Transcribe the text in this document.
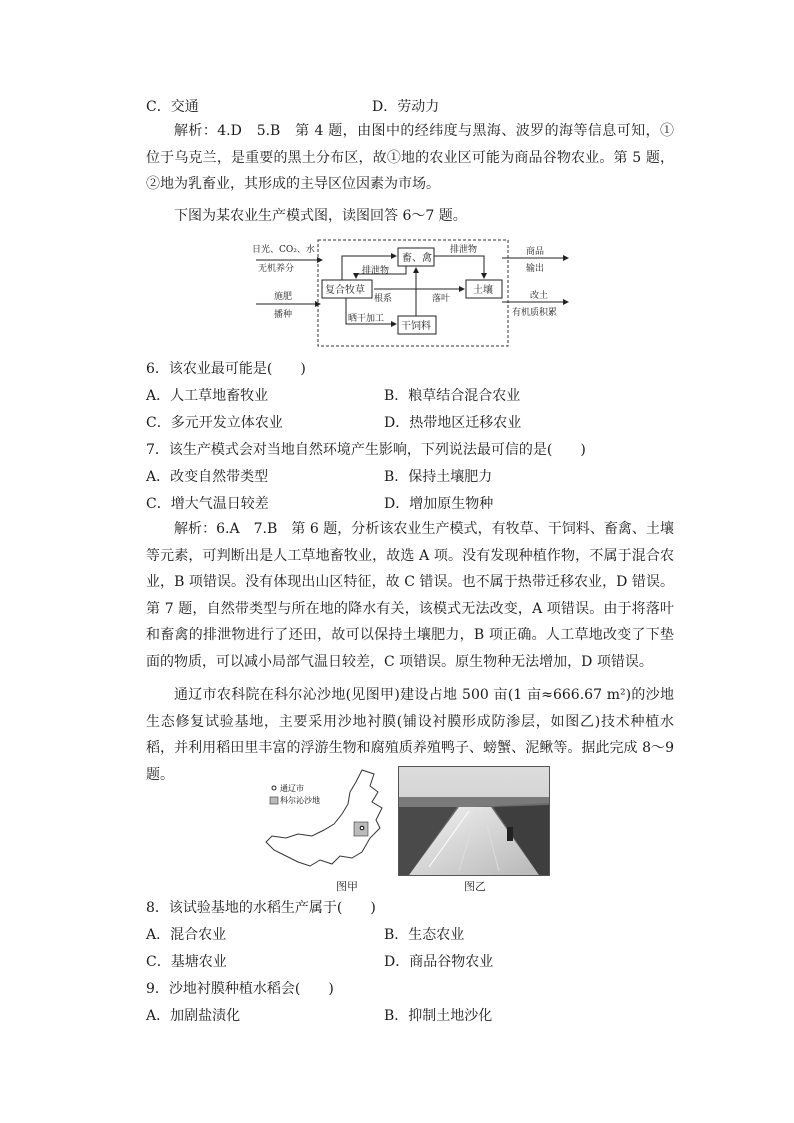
C．交通	D．劳动力
解析：4.D　5.B　第 4 题，由图中的经纬度与黑海、波罗的海等信息可知，①位于乌克兰，是重要的黑土分布区，故①地的农业区可能为商品谷物农业。第 5 题，②地为乳畜业，其形成的主导区位因素为市场。
下图为某农业生产模式图，读图回答 6～7 题。
日光、CO₂、水
无机养分
施肥
播种
畜、禽
复合牧草	土壤
干饲料
排泄物
排泄物
根系	落叶
晒干加工
商品
输出
改土
有机质积累
6．该农业最可能是(　　)
A．人工草地畜牧业	B．粮草结合混合农业
C．多元开发立体农业	D．热带地区迁移农业
7．该生产模式会对当地自然环境产生影响，下列说法最可信的是(　　)
A．改变自然带类型	B．保持土壤肥力
C．增大气温日较差	D．增加原生物种
解析：6.A　7.B　第 6 题，分析该农业生产模式，有牧草、干饲料、畜禽、土壤等元素，可判断出是人工草地畜牧业，故选 A 项。没有发现种植作物，不属于混合农业，B 项错误。没有体现出山区特征，故 C 错误。也不属于热带迁移农业，D 错误。第 7 题，自然带类型与所在地的降水有关，该模式无法改变，A 项错误。由于将落叶和畜禽的排泄物进行了还田，故可以保持土壤肥力，B 项正确。人工草地改变了下垫面的物质，可以减小局部气温日较差，C 项错误。原生物种无法增加，D 项错误。
通辽市农科院在科尔沁沙地(见图甲)建设占地 500 亩(1 亩≈666.67 m²)的沙地生态修复试验基地，主要采用沙地衬膜(铺设衬膜形成防渗层，如图乙)技术种植水稻，并利用稻田里丰富的浮游生物和腐殖质养殖鸭子、螃蟹、泥鳅等。据此完成 8～9 题。
通辽市
科尔沁沙地
图甲	图乙
8．该试验基地的水稻生产属于(　　)
A．混合农业	B．生态农业
C．基塘农业	D．商品谷物农业
9．沙地衬膜种植水稻会(　　)
A．加剧盐渍化	B．抑制土地沙化
